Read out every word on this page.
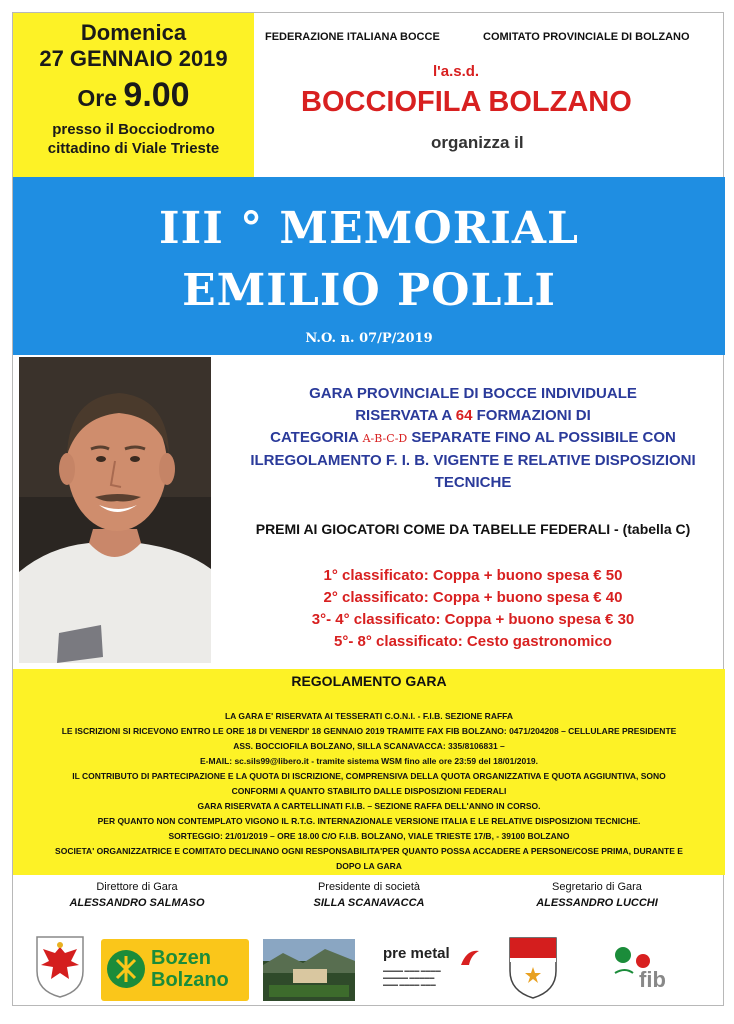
Domenica
27 GENNAIO 2019
Ore 9.00
presso il Bocciodromo
cittadino di Viale Trieste
FEDERAZIONE ITALIANA BOCCE	COMITATO PROVINCIALE DI BOLZANO
l'a.s.d.
BOCCIOFILA BOLZANO
organizza il
III ° MEMORIAL
EMILIO POLLI
N.O. n. 07/P/2019
GARA PROVINCIALE DI BOCCE INDIVIDUALE
RISERVATA A 64 FORMAZIONI DI
CATEGORIA A-B-C-D SEPARATE FINO AL POSSIBILE CON
ILREGOLAMENTO F. I. B. VIGENTE E RELATIVE DISPOSIZIONI
TECNICHE
PREMI AI GIOCATORI COME DA TABELLE FEDERALI - (tabella C)
1° classificato: Coppa + buono spesa € 50
2° classificato: Coppa + buono spesa € 40
3°- 4° classificato: Coppa + buono spesa € 30
5°- 8° classificato: Cesto gastronomico
REGOLAMENTO GARA
LA GARA E' RISERVATA AI TESSERATI C.O.N.I. - F.I.B. SEZIONE RAFFA
LE ISCRIZIONI SI RICEVONO ENTRO LE ORE 18 DI VENERDI' 18 GENNAIO 2019 TRAMITE FAX FIB BOLZANO: 0471/204208 – CELLULARE PRESIDENTE
ASS. BOCCIOFILA BOLZANO, SILLA SCANAVACCA: 335/8106831 –
E-MAIL: sc.sils99@libero.it - tramite sistema WSM fino alle ore 23:59 del 18/01/2019.
IL CONTRIBUTO DI PARTECIPAZIONE E LA QUOTA DI ISCRIZIONE, COMPRENSIVA DELLA QUOTA ORGANIZZATIVA E QUOTA AGGIUNTIVA, SONO
CONFORMI A QUANTO STABILITO DALLE DISPOSIZIONI FEDERALI
GARA RISERVATA A CARTELLINATI F.I.B. – SEZIONE RAFFA DELL'ANNO IN CORSO.
PER QUANTO NON CONTEMPLATO VIGONO IL R.T.G. INTERNAZIONALE VERSIONE ITALIA E LE RELATIVE DISPOSIZIONI TECNICHE.
SORTEGGIO: 21/01/2019 – ORE 18.00 C/O F.I.B. BOLZANO, VIALE TRIESTE 17/B, - 39100 BOLZANO
SOCIETA' ORGANIZZATRICE E COMITATO DECLINANO OGNI RESPONSABILITA'PER QUANTO POSSA ACCADERE A PERSONE/COSE PRIMA, DURANTE E
DOPO LA GARA
Direttore di Gara
ALESSANDRO SALMASO
Presidente di società
SILLA SCANAVACCA
Segretario di Gara
ALESSANDRO LUCCHI
Bozen
Bolzano
pre metal
▬▬▬▬ ▬▬▬ ▬▬▬▬
▬▬▬▬▬ ▬▬▬▬▬
▬▬▬ ▬▬▬▬ ▬▬▬	fib
